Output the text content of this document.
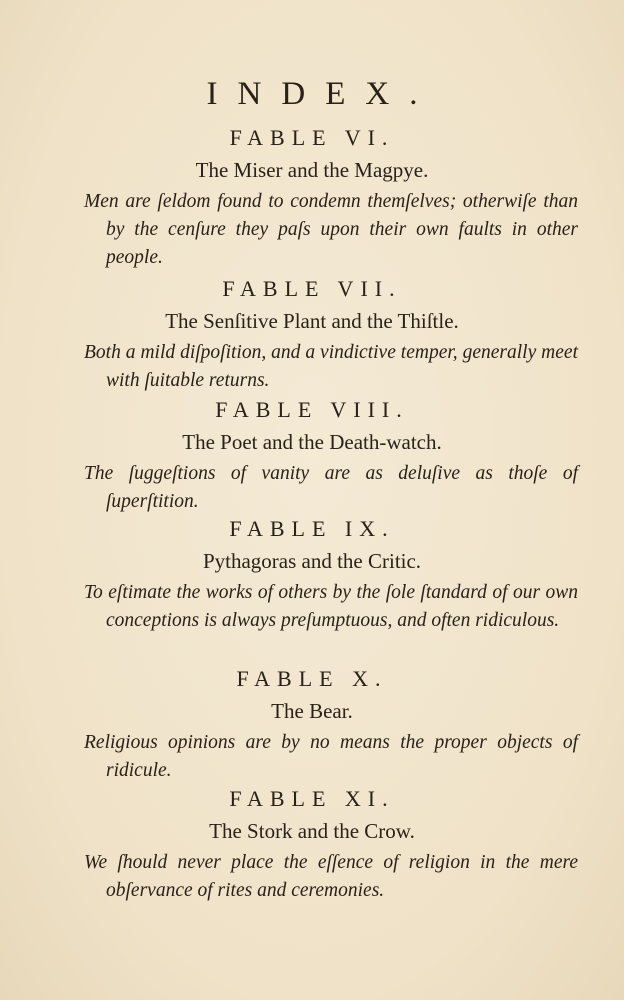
INDEX.
FABLE VI.
The Miser and the Magpye.
Men are ſeldom found to condemn themſelves; otherwiſe than by the cenſure they paſs upon their own faults in other people.
FABLE VII.
The Senſitive Plant and the Thiſtle.
Both a mild diſpoſition, and a vindictive temper, generally meet with ſuitable returns.
FABLE VIII.
The Poet and the Death-watch.
The ſuggeſtions of vanity are as deluſive as thoſe of ſuperſtition.
FABLE IX.
Pythagoras and the Critic.
To eſtimate the works of others by the ſole ſtandard of our own conceptions is always preſumptuous, and often ridiculous.
FABLE X.
The Bear.
Religious opinions are by no means the proper objects of ridicule.
FABLE XI.
The Stork and the Crow.
We ſhould never place the eſſence of religion in the mere obſervance of rites and ceremonies.
